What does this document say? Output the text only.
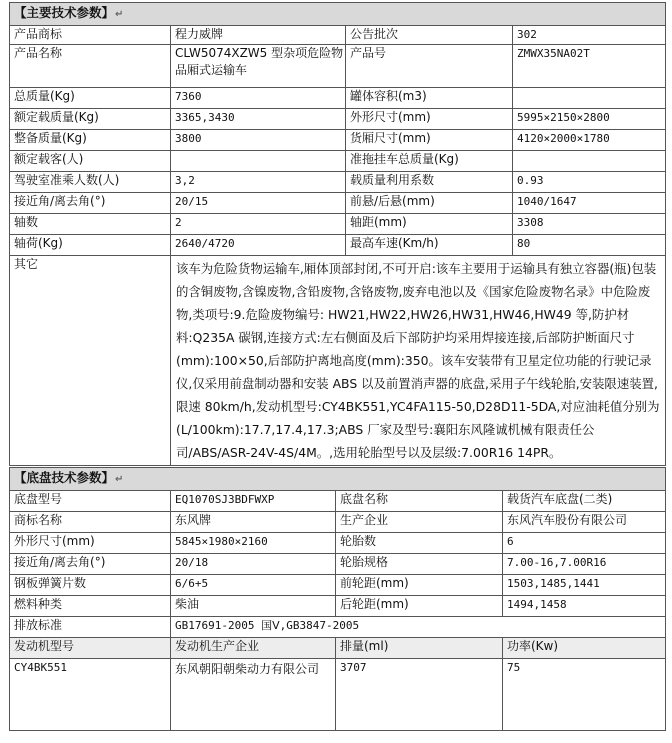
【主要技术参数】↵			
产品商标	程力威牌	公告批次	302
产品名称	CLW5074XZW5 型杂项危险物品厢式运输车	产品号	ZMWX35NA02T
总质量(Kg)	7360	罐体容积(m3)	
额定载质量(Kg)	3365,3430	外形尺寸(mm)	5995×2150×2800
整备质量(Kg)	3800	货厢尺寸(mm)	4120×2000×1780
额定载客(人)		准拖挂车总质量(Kg)	
驾驶室准乘人数(人)	3,2	载质量利用系数	0.93
接近角/离去角(°)	20/15	前悬/后悬(mm)	1040/1647
轴数	2	轴距(mm)	3308
轴荷(Kg)	2640/4720	最高车速(Km/h)	80
其它	该车为危险货物运输车,厢体顶部封闭,不可开启:该车主要用于运输具有独立容器(瓶)包装的含铜废物,含镍废物,含铅废物,含铬废物,废弃电池以及《国家危险废物名录》中危险废物,类项号:9.危险废物编号: HW21,HW22,HW26,HW31,HW46,HW49 等,防护材料:Q235A 碳钢,连接方式:左右侧面及后下部防护均采用焊接连接,后部防护断面尺寸(mm):100×50,后部防护离地高度(mm):350。该车安装带有卫星定位功能的行驶记录仪,仅采用前盘制动器和安装 ABS 以及前置消声器的底盘,采用子午线轮胎,安装限速装置,限速 80km/h,发动机型号:CY4BK551,YC4FA115-50,D28D11-5DA,对应油耗值分别为(L/100km):17.7,17.4,17.3;ABS 厂家及型号:襄阳东风隆诚机械有限责任公司/ABS/ASR-24V-4S/4M。,选用轮胎型号以及层级:7.00R16 14PR。		
【底盘技术参数】↵			
底盘型号	EQ1070SJ3BDFWXP	底盘名称	载货汽车底盘(二类)
商标名称	东风牌	生产企业	东风汽车股份有限公司
外形尺寸(mm)	5845×1980×2160	轮胎数	6
接近角/离去角(°)	20/18	轮胎规格	7.00-16,7.00R16
钢板弹簧片数	6/6+5	前轮距(mm)	1503,1485,1441
燃料种类	柴油	后轮距(mm)	1494,1458
排放标准	GB17691-2005 国Ⅴ,GB3847-2005		
发动机型号	发动机生产企业	排量(ml)	功率(Kw)
CY4BK551	东风朝阳朝柴动力有限公司	3707	75
